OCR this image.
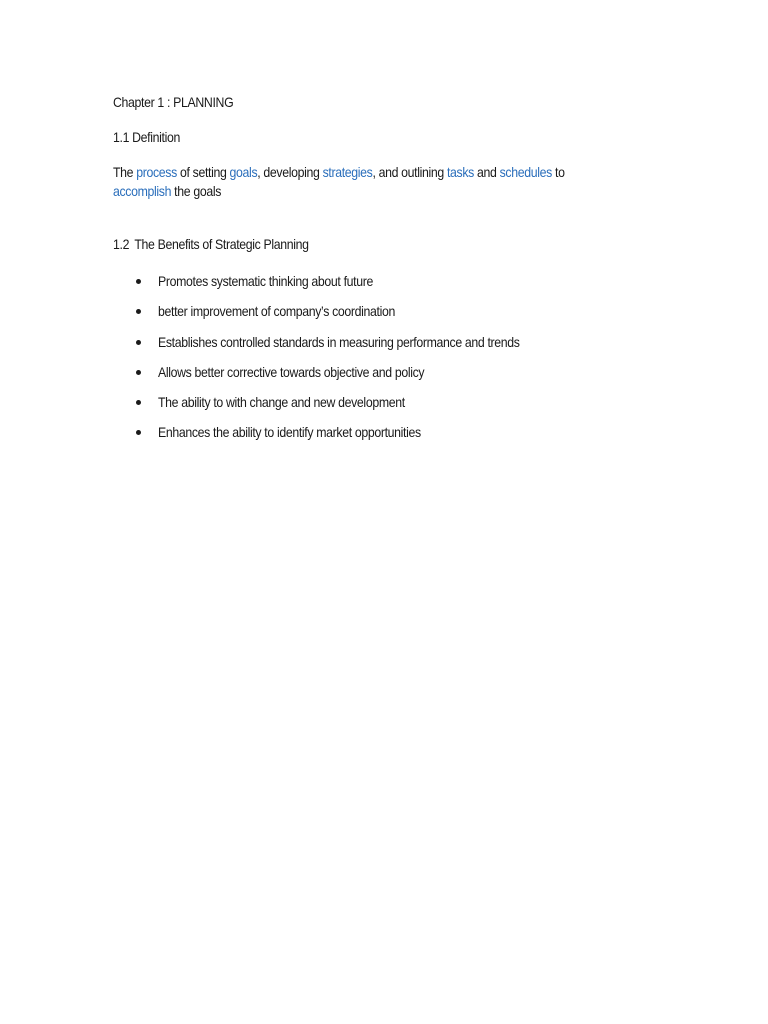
Chapter 1 : PLANNING
1.1 Definition
The process of setting goals, developing strategies, and outlining tasks and schedules to
accomplish the goals
1.2 The Benefits of Strategic Planning
Promotes systematic thinking about future
better improvement of company’s coordination
Establishes controlled standards in measuring performance and trends
Allows better corrective towards objective and policy
The ability to with change and new development
Enhances the ability to identify market opportunities
